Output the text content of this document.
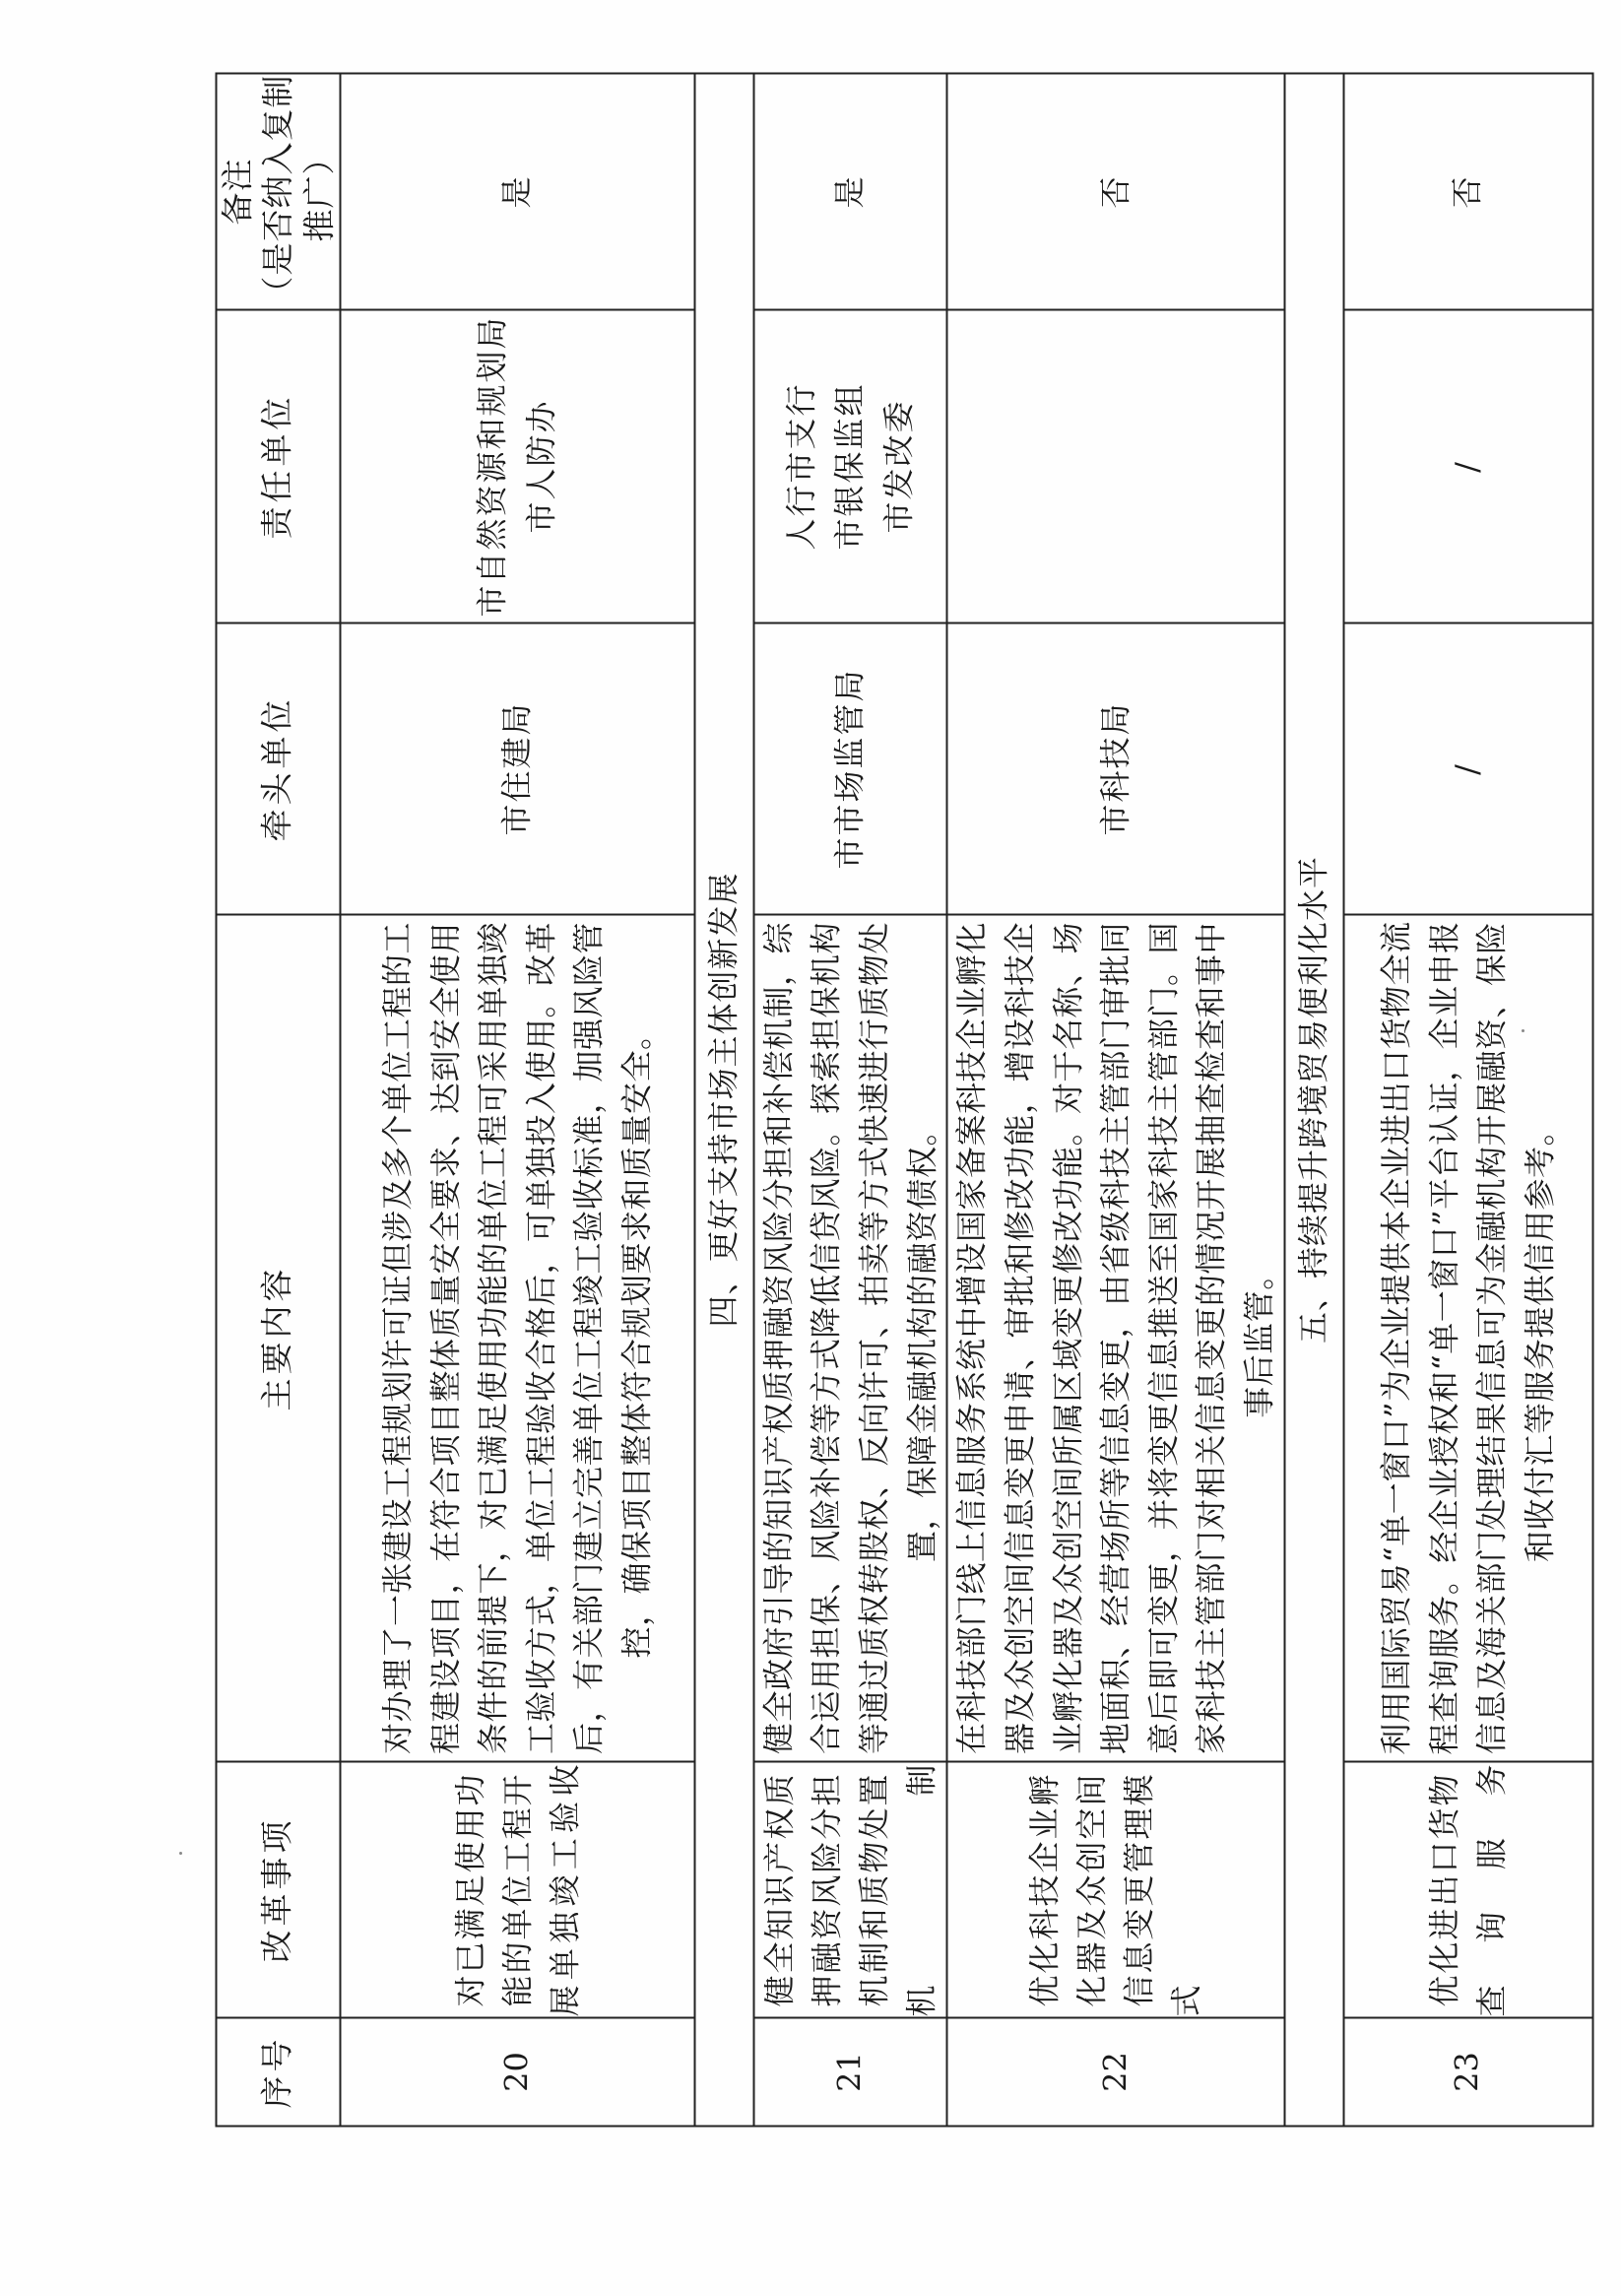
序号	改革事项	主要内容	牵头单位	责任单位	备注 （是否纳入复制 推广）

20	对已满足使用功能的单位工程开展单独竣工验收	对办理了一张建设工程规划许可证但涉及多个单位工程的工程建设项目，在符合项目整体质量安全要求、达到安全使用条件的前提下，对已满足使用功能的单位工程可采用单独竣工验收方式，单位工程验收合格后，可单独投入使用。改革后，有关部门建立完善单位工程竣工验收标准，加强风险管控，确保项目整体符合规划要求和质量安全。	市住建局	市自然资源和规划局 市人防办	是
四、更好支持市场主体创新发展					
21	健全知识产权质押融资风险分担机制和质物处置机制	健全政府引导的知识产权质押融资风险分担和补偿机制，综合运用担保、风险补偿等方式降低信贷风险。探索担保机构等通过质权转股权、反向许可、拍卖等方式快速进行质物处置，保障金融机构的融资债权。	市市场监管局	人行市支行 市银保监组 市发改委	是
22	优化科技企业孵化器及众创空间信息变更管理模式	在科技部门线上信息服务系统中增设国家备案科技企业孵化器及众创空间信息变更申请、审批和修改功能，增设科技企业孵化器及众创空间所属区域变更修改功能。对于名称、场地面积、经营场所等信息变更，由省级科技主管部门审批同意后即可变更，并将变更信息推送至国家科技主管部门。国家科技主管部门对相关信息变更的情况开展抽查检查和事中事后监管。	市科技局		否
五、持续提升跨境贸易便利化水平					
23	优化进出口货物查询服务	利用国际贸易“单一窗口”为企业提供本企业进出口货物全流程查询服务。经企业授权和“单一窗口”平台认证，企业申报信息及海关部门处理结果信息可为金融机构开展融资、保险和收付汇等服务提供信用参考。	/	/	否
